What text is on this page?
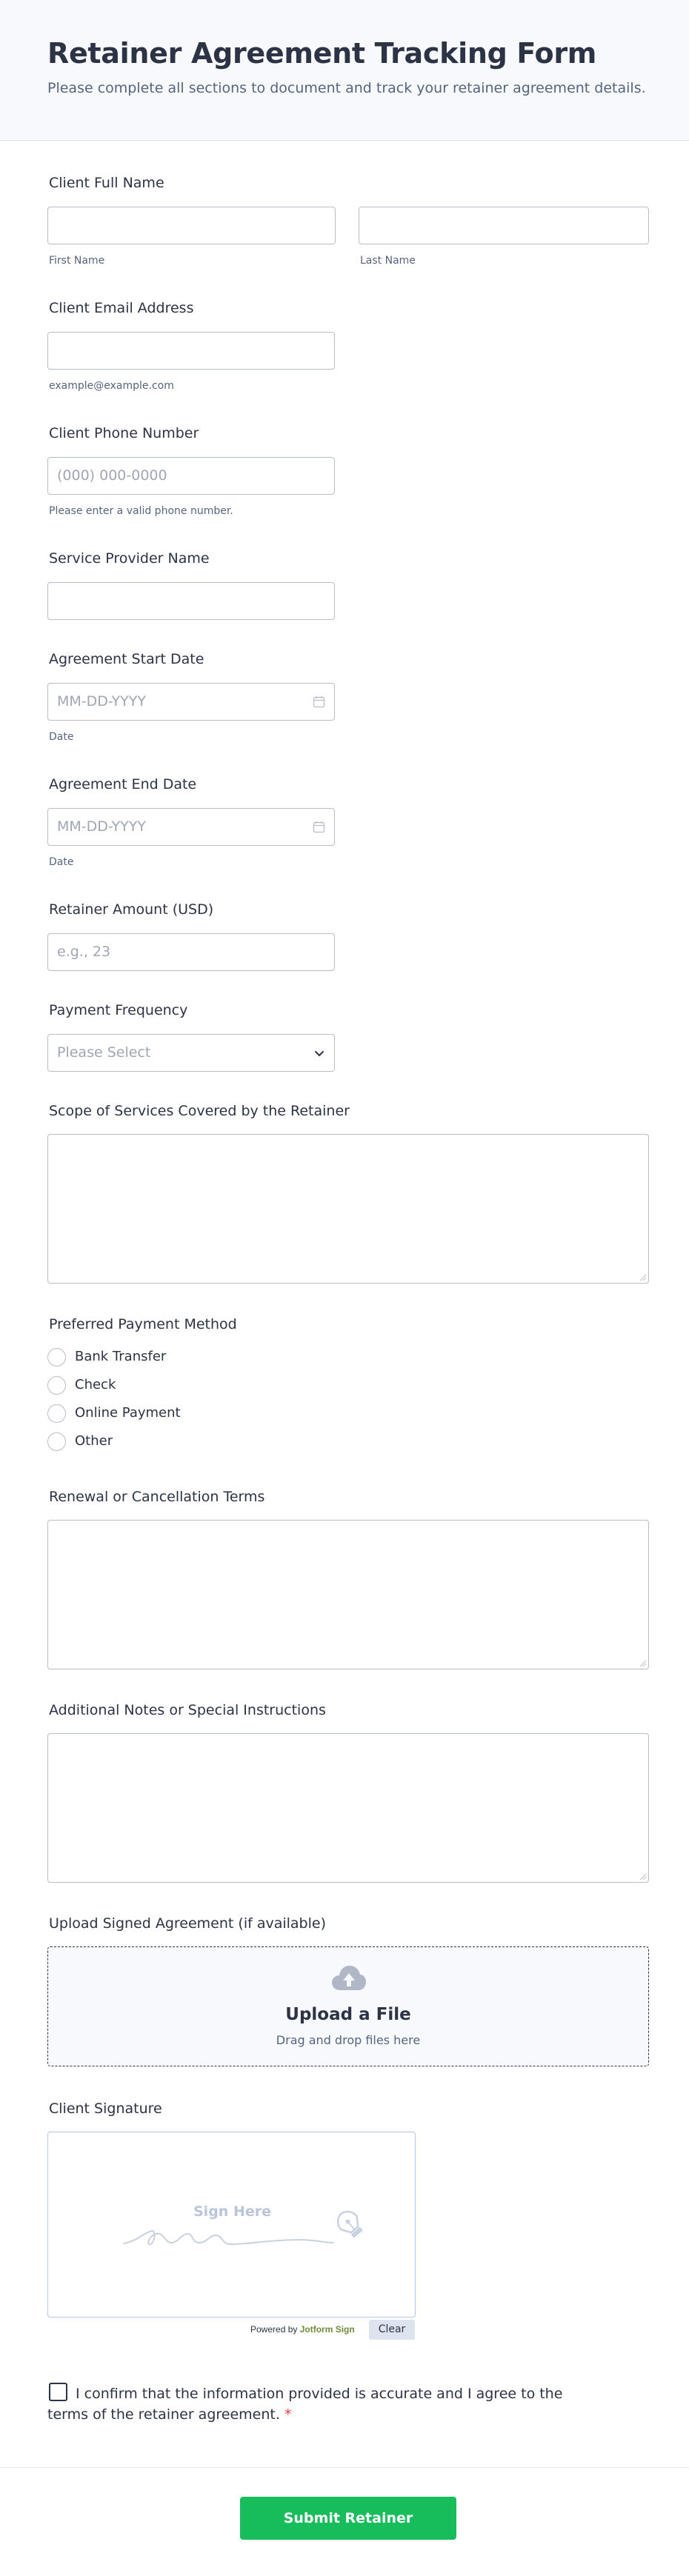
Retainer Agreement Tracking Form

Please complete all sections to document and track your retainer agreement details.

Client Full Name
First Name	Last Name
Client Email Address
example@example.com
Client Phone Number
(000) 000-0000
Please enter a valid phone number.
Service Provider Name
Agreement Start Date
MM-DD-YYYY
Date
Agreement End Date
MM-DD-YYYY
Date
Retainer Amount (USD)
e.g., 23
Payment Frequency
Please Select
Scope of Services Covered by the Retainer
Preferred Payment Method
Bank Transfer
Check
Online Payment
Other
Renewal or Cancellation Terms
Additional Notes or Special Instructions
Upload Signed Agreement (if available)
Upload a File
Drag and drop files here
Client Signature
Sign Here
Powered by Jotform Sign	Clear
I confirm that the information provided is accurate and I agree to the terms of the retainer agreement. *
Submit Retainer Agreement
